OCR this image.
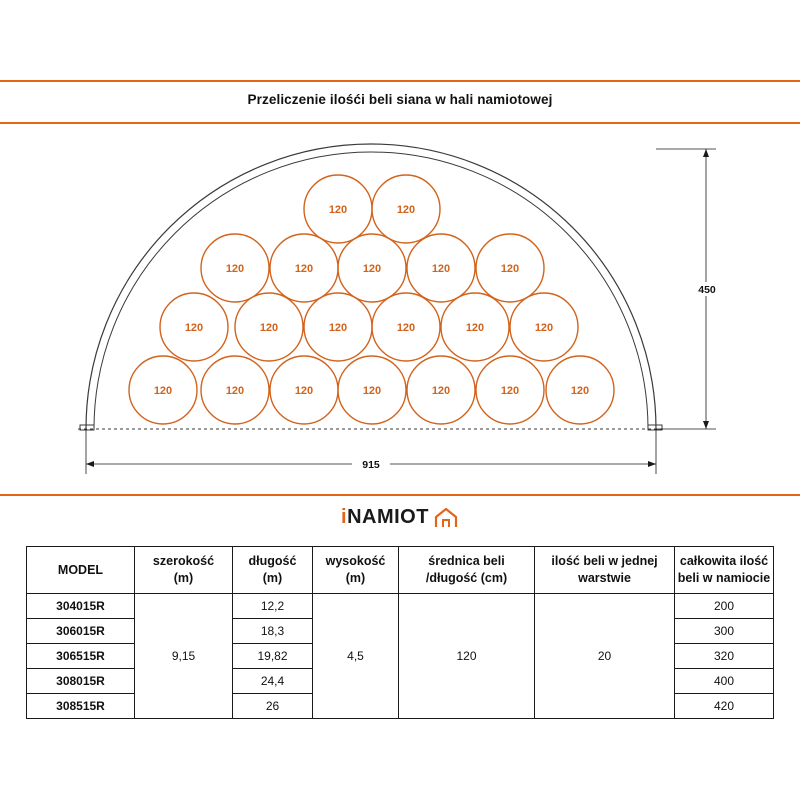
Przeliczenie ilośći beli siana w hali namiotowej
120	120
120	120	120	120	120
120	120	120	120	120	120
120	120	120	120	120	120	120
450
915
iNAMIOT
MODEL

szerokość
(m)

długość
(m)

wysokość
(m)

średnica beli
/długość (cm)

ilość beli w jednej
warstwie

całkowita ilość
beli w namiocie

304015R	9,15	12,2	4,5	120	20	200
306015R		18,3				300
306515R		19,82				320
308015R		24,4				400
308515R		26				420
